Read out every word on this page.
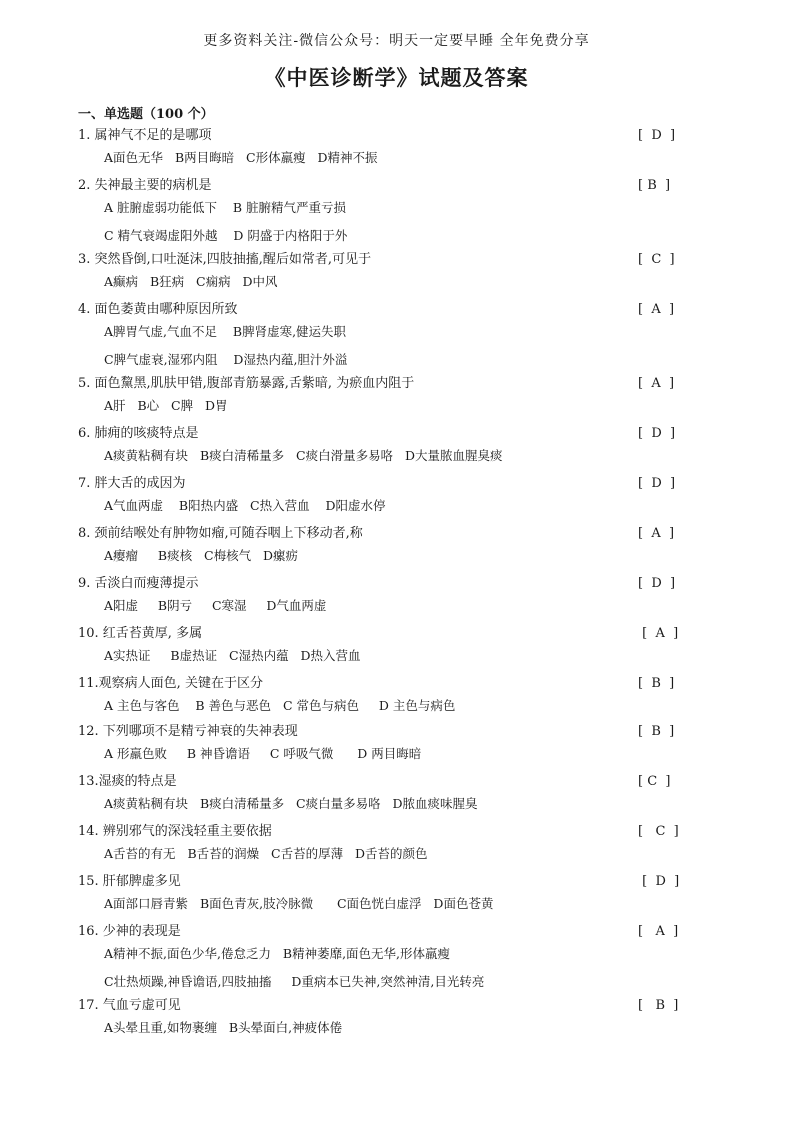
更多资料关注-微信公众号：明天一定要早睡 全年免费分享
《中医诊断学》试题及答案
一、单选题（100 个）
1. 属神气不足的是哪项	[  D  ]
A面色无华   B两目晦暗   C形体羸瘦   D精神不振
2. 失神最主要的病机是	[ B  ]
A 脏腑虚弱功能低下    B 脏腑精气严重亏损
C 精气衰竭虚阳外越    D 阴盛于内格阳于外
3. 突然昏倒,口吐涎沫,四肢抽搐,醒后如常者,可见于	[  C  ]
A癫病   B狂病   C痫病   D中风
4. 面色萎黄由哪种原因所致	[  A  ]
A脾胃气虚,气血不足    B脾肾虚寒,健运失职
C脾气虚衰,湿邪内阻    D湿热内蕴,胆汁外溢
5. 面色黧黑,肌肤甲错,腹部青筋暴露,舌紫暗, 为瘀血内阻于	[  A  ]
A肝   B心   C脾   D胃
6. 肺痈的咳痰特点是	[  D  ]
A痰黄粘稠有块   B痰白清稀量多   C痰白滑量多易咯   D大量脓血腥臭痰
7. 胖大舌的成因为	[  D  ]
A气血两虚    B阳热内盛   C热入营血    D阳虚水停
8. 颈前结喉处有肿物如瘤,可随吞咽上下移动者,称	[  A  ]
A瘿瘤     B痰核   C梅核气   D瘰疬
9. 舌淡白而瘦薄提示	[  D  ]
A阳虚     B阴亏     C寒湿     D气血两虚
10. 红舌苔黄厚, 多属	[  A  ]
A实热证     B虚热证   C湿热内蕴   D热入营血
11.观察病人面色, 关键在于区分	[  B  ]
A 主色与客色    B 善色与恶色   C 常色与病色     D 主色与病色
12. 下列哪项不是精亏神衰的失神表现	[  B  ]
A 形羸色败     B 神昏谵语     C 呼吸气微      D 两目晦暗
13.湿痰的特点是	[ C  ]
A痰黄粘稠有块   B痰白清稀量多   C痰白量多易咯   D脓血痰味腥臭
14. 辨别邪气的深浅轻重主要依据	[   C  ]
A舌苔的有无   B舌苔的润燥   C舌苔的厚薄   D舌苔的颜色
15. 肝郁脾虚多见	[  D  ]
A面部口唇青紫   B面色青灰,肢冷脉微      C面色恍白虚浮   D面色苍黄
16. 少神的表现是	[   A  ]
A精神不振,面色少华,倦怠乏力   B精神萎靡,面色无华,形体羸瘦
C壮热烦躁,神昏谵语,四肢抽搐     D重病本已失神,突然神清,目光转亮
17. 气血亏虚可见	[   B  ]
A头晕且重,如物裹缠   B头晕面白,神疲体倦
